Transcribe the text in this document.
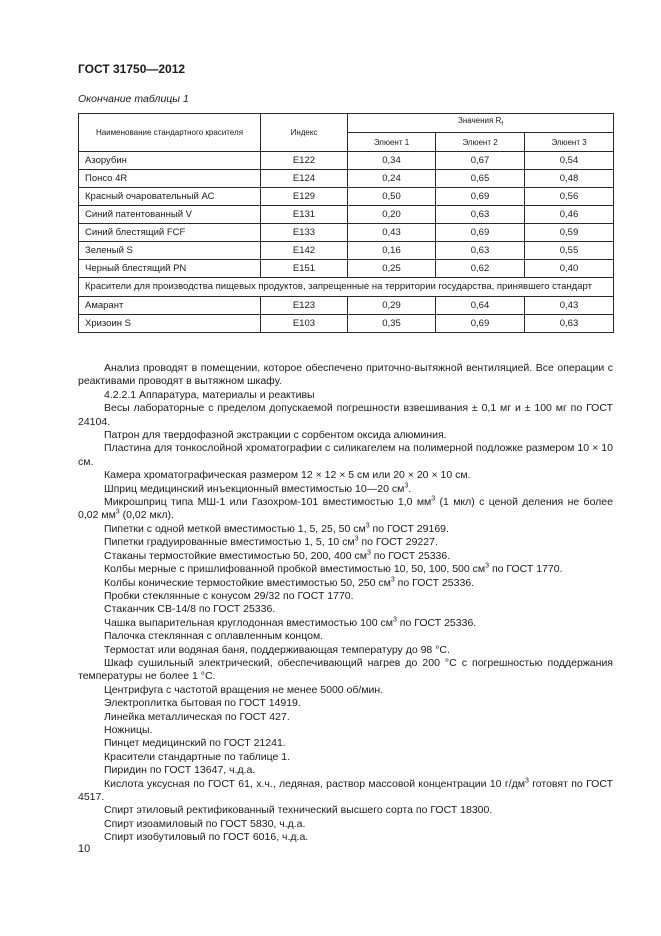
ГОСТ 31750—2012
Окончание таблицы 1
Наименование стандартного красителя	Индекс	Значения $R_f$
		Элюент 1	Элюент 2	Элюент 3
Азорубин	E122	0,34	0,67	0,54
Понсо 4R	E124	0,24	0,65	0,48
Красный очаровательный АС	E129	0,50	0,69	0,56
Синий патентованный V	E131	0,20	0,63	0,46
Синий блестящий FCF	E133	0,43	0,69	0,59
Зеленый S	E142	0,16	0,63	0,55
Черный блестящий PN	E151	0,25	0,62	0,40
Красители для производства пищевых продуктов, запрещенные на территории государства, принявшего стандарт				
Амарант	E123	0,29	0,64	0,43
Хризоин S	E103	0,35	0,69	0,63

Анализ проводят в помещении, которое обеспечено приточно-вытяжной вентиляцией. Все операции с реактивами проводят в вытяжном шкафу.

4.2.2.1 Аппаратура, материалы и реактивы

Весы лабораторные с пределом допускаемой погрешности взвешивания ± 0,1 мг и ± 100 мг по ГОСТ 24104.

Патрон для твердофазной экстракции с сорбентом оксида алюминия.

Пластина для тонкослойной хроматографии с силикагелем на полимерной подложке размером 10 × 10 см.

Камера хроматографическая размером 12 × 12 × 5 см или 20 × 20 × 10 см.

Шприц медицинский инъекционный вместимостью 10—20 $см^3$.

Микрошприц типа МШ-1 или Газохром-101 вместимостью 1,0 $мм^3$ (1 мкл) с ценой деления не более 0,02 $мм^3$ (0,02 мкл).

Пипетки с одной меткой вместимостью 1, 5, 25, 50 $см^3$ по ГОСТ 29169.

Пипетки градуированные вместимостью 1, 5, 10 $см^3$ по ГОСТ 29227.

Стаканы термостойкие вместимостью 50, 200, 400 $см^3$ по ГОСТ 25336.

Колбы мерные с пришлифованной пробкой вместимостью 10, 50, 100, 500 $см^3$ по ГОСТ 1770.

Колбы конические термостойкие вместимостью 50, 250 $см^3$ по ГОСТ 25336.

Пробки стеклянные с конусом 29/32 по ГОСТ 1770.

Стаканчик СВ-14/8 по ГОСТ 25336.

Чашка выпарительная круглодонная вместимостью 100 $см^3$ по ГОСТ 25336.

Палочка стеклянная с оплавленным концом.

Термостат или водяная баня, поддерживающая температуру до 98 °С.

Шкаф сушильный электрический, обеспечивающий нагрев до 200 °С с погрешностью поддержания температуры не более 1 °С.

Центрифуга с частотой вращения не менее 5000 об/мин.

Электроплитка бытовая по ГОСТ 14919.

Линейка металлическая по ГОСТ 427.

Ножницы.

Пинцет медицинский по ГОСТ 21241.

Красители стандартные по таблице 1.

Пиридин по ГОСТ 13647, ч.д.а.

Кислота уксусная по ГОСТ 61, х.ч., ледяная, раствор массовой концентрации 10 $г/дм^3$ готовят по ГОСТ 4517.

Спирт этиловый ректификованный технический высшего сорта по ГОСТ 18300.

Спирт изоамиловый по ГОСТ 5830, ч.д.а.

Спирт изобутиловый по ГОСТ 6016, ч.д.а.

10
